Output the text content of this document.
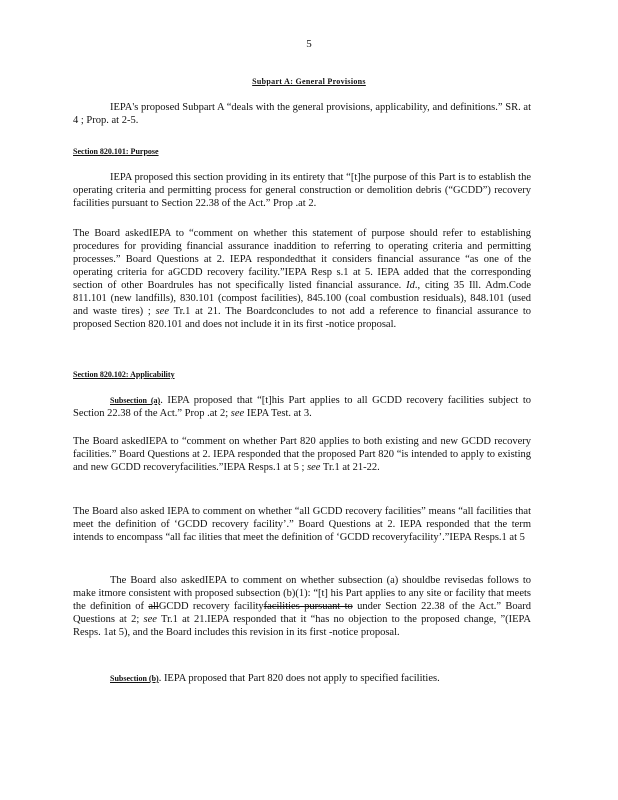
5
Subpart A: General Provisions
IEPA's proposed Subpart A “deals with the general provisions, applicability, and definitions.” SR. at 4 ; Prop. at 2-5.
Section 820.101: Purpose
IEPA proposed this section providing in its entirety that “[t]he purpose of this Part is to establish the operating criteria and permitting process for general construction or demolition debris (“GCDD”) recovery facilities pursuant to Section 22.38 of the Act.” Prop .at 2.
The Board askedIEPA to “comment on whether this statement of purpose should refer to establishing procedures for providing financial assurance inaddition to referring to operating criteria and permitting processes.” Board Questions at 2. IEPA respondedthat it considers financial assurance “as one of the operating criteria for aGCDD recovery facility.”IEPA Resp s.1 at 5. IEPA added that the corresponding section of other Boardrules has not specifically listed financial assurance. Id., citing 35 Ill. Adm.Code 811.101 (new landfills), 830.101 (compost facilities), 845.100 (coal combustion residuals), 848.101 (used and waste tires) ; see Tr.1 at 21. The Boardconcludes to not add a reference to financial assurance to proposed Section 820.101 and does not include it in its first -notice proposal.
Section 820.102: Applicability
Subsection (a). IEPA proposed that “[t]his Part applies to all GCDD recovery facilities subject to Section 22.38 of the Act.” Prop .at 2; see IEPA Test. at 3.
The Board askedIEPA to “comment on whether Part 820 applies to both existing and new GCDD recovery facilities.” Board Questions at 2. IEPA responded that the proposed Part 820 “is intended to apply to existing and new GCDD recoveryfacilities.”IEPA Resps.1 at 5 ; see Tr.1 at 21-22.
The Board also asked IEPA to comment on whether “all GCDD recovery facilities” means “all facilities that meet the definition of ‘GCDD recovery facility’.” Board Questions at 2. IEPA responded that the term intends to encompass “all fac ilities that meet the definition of ‘GCDD recoveryfacility’.”IEPA Resps.1 at 5
The Board also askedIEPA to comment on whether subsection (a) shouldbe revisedas follows to make itmore consistent with proposed subsection (b)(1): “[t] his Part applies to any site or facility that meets the definition of allGCDD recovery facilityfacilities pursuant to under Section 22.38 of the Act.” Board Questions at 2; see Tr.1 at 21.IEPA responded that it “has no objection to the proposed change, ”(IEPA Resps. 1at 5), and the Board includes this revision in its first -notice proposal.
Subsection (b). IEPA proposed that Part 820 does not apply to specified facilities.
